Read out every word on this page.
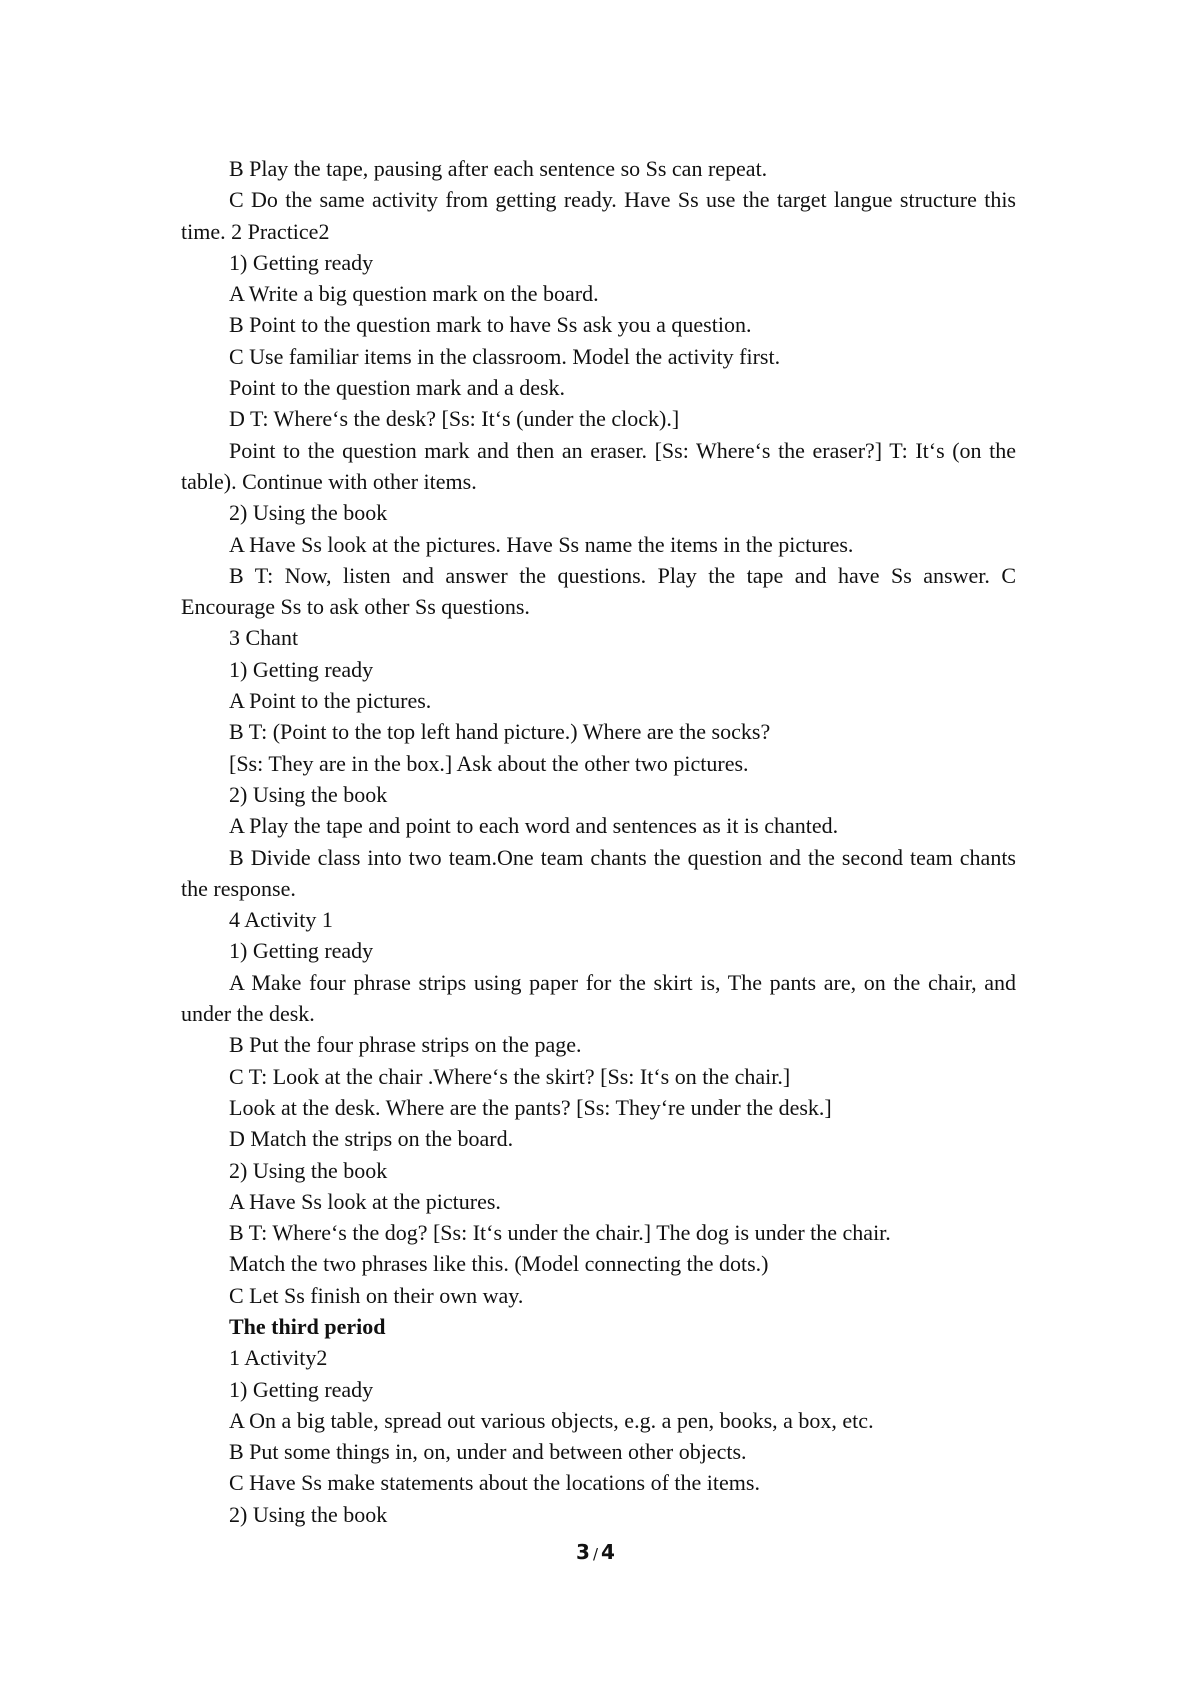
B Play the tape, pausing after each sentence so Ss can repeat.

C Do the same activity from getting ready. Have Ss use the target langue structure this time. 2 Practice2

1) Getting ready

A Write a big question mark on the board.

B Point to the question mark to have Ss ask you a question.

C Use familiar items in the classroom. Model the activity first.

Point to the question mark and a desk.

D T: Where‘s the desk? [Ss: It‘s (under the clock).]

Point to the question mark and then an eraser. [Ss: Where‘s the eraser?] T: It‘s (on the table). Continue with other items.

2) Using the book

A Have Ss look at the pictures. Have Ss name the items in the pictures.

B T: Now, listen and answer the questions. Play the tape and have Ss answer. C Encourage Ss to ask other Ss questions.

3 Chant

1) Getting ready

A Point to the pictures.

B T: (Point to the top left hand picture.) Where are the socks?

[Ss: They are in the box.] Ask about the other two pictures.

2) Using the book

A Play the tape and point to each word and sentences as it is chanted.

B Divide class into two team.One team chants the question and the second team chants the response.

4 Activity 1

1) Getting ready

A Make four phrase strips using paper for the skirt is, The pants are, on the chair, and under the desk.

B Put the four phrase strips on the page.

C T: Look at the chair .Where‘s the skirt? [Ss: It‘s on the chair.]

Look at the desk. Where are the pants? [Ss: They‘re under the desk.]

D Match the strips on the board.

2) Using the book

A Have Ss look at the pictures.

B T: Where‘s the dog? [Ss: It‘s under the chair.] The dog is under the chair.

Match the two phrases like this. (Model connecting the dots.)

C Let Ss finish on their own way.

The third period

1 Activity2

1) Getting ready

A On a big table, spread out various objects, e.g. a pen, books, a box, etc.

B Put some things in, on, under and between other objects.

C Have Ss make statements about the locations of the items.

2) Using the book

3 / 4
